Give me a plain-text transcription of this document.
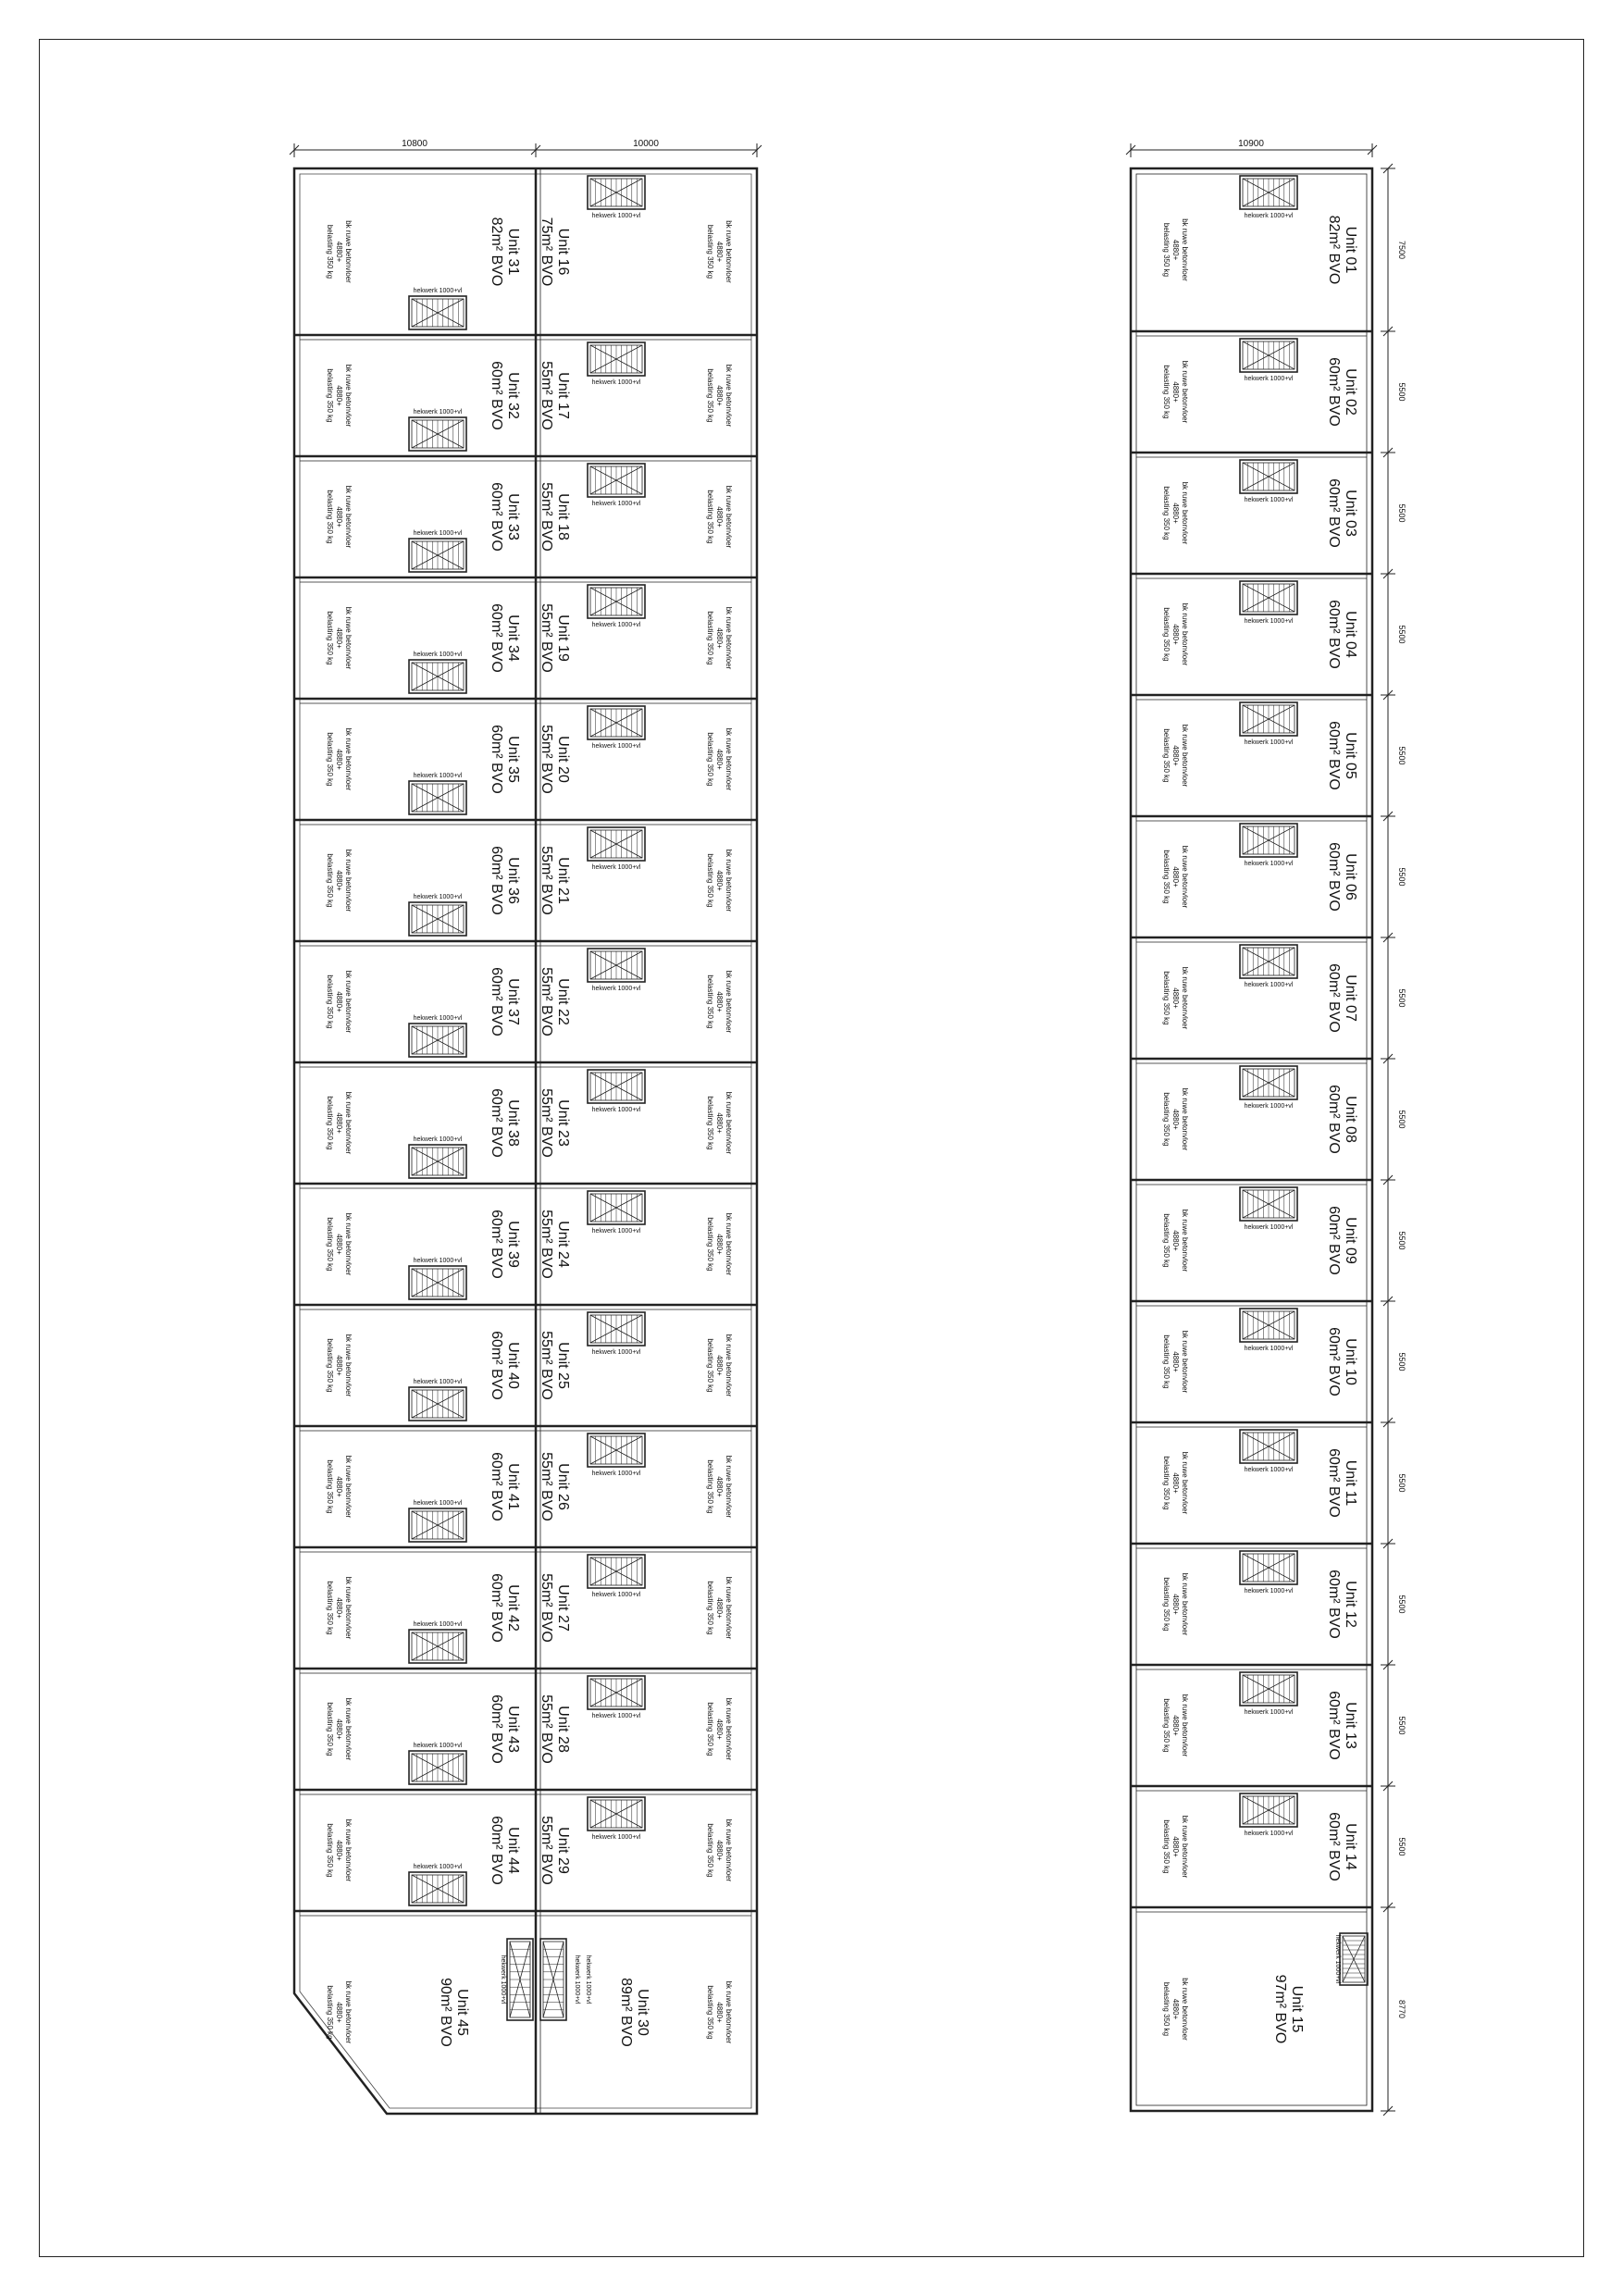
10800	10000
Unit 31
82m² BVO
bk ruwe betonvloer
4880+
belasting 350 kg
hekwerk 1000+vl
Unit 16
75m² BVO	bk ruwe betonvloer
4880+
belasting 350 kg
hekwerk 1000+vl
Unit 32
60m² BVO
bk ruwe betonvloer
4880+
belasting 350 kg	hekwerk 1000+vl	Unit 17
55m² BVO	bk ruwe betonvloer
4880+
belasting 350 kg
hekwerk 1000+vl
Unit 33
60m² BVO
bk ruwe betonvloer
4880+
belasting 350 kg	hekwerk 1000+vl	Unit 18
55m² BVO	bk ruwe betonvloer
4880+
belasting 350 kg
hekwerk 1000+vl
Unit 34
60m² BVO
bk ruwe betonvloer
4880+
belasting 350 kg	hekwerk 1000+vl	Unit 19
55m² BVO	bk ruwe betonvloer
4880+
belasting 350 kg
hekwerk 1000+vl
Unit 35
60m² BVO
bk ruwe betonvloer
4880+
belasting 350 kg	hekwerk 1000+vl	Unit 20
55m² BVO	bk ruwe betonvloer
4880+
belasting 350 kg
hekwerk 1000+vl
Unit 36
60m² BVO
bk ruwe betonvloer
4880+
belasting 350 kg	hekwerk 1000+vl	Unit 21
55m² BVO	bk ruwe betonvloer
4880+
belasting 350 kg
hekwerk 1000+vl
Unit 37
60m² BVO
bk ruwe betonvloer
4880+
belasting 350 kg	hekwerk 1000+vl	Unit 22
55m² BVO	bk ruwe betonvloer
4880+
belasting 350 kg
hekwerk 1000+vl
Unit 38
60m² BVO
bk ruwe betonvloer
4880+
belasting 350 kg	hekwerk 1000+vl	Unit 23
55m² BVO	bk ruwe betonvloer
4880+
belasting 350 kg
hekwerk 1000+vl
Unit 39
60m² BVO
bk ruwe betonvloer
4880+
belasting 350 kg	hekwerk 1000+vl	Unit 24
55m² BVO	bk ruwe betonvloer
4880+
belasting 350 kg
hekwerk 1000+vl
Unit 40
60m² BVO
bk ruwe betonvloer
4880+
belasting 350 kg	hekwerk 1000+vl	Unit 25
55m² BVO	bk ruwe betonvloer
4880+
belasting 350 kg
hekwerk 1000+vl
Unit 41
60m² BVO
bk ruwe betonvloer
4880+
belasting 350 kg	hekwerk 1000+vl	Unit 26
55m² BVO	bk ruwe betonvloer
4880+
belasting 350 kg
hekwerk 1000+vl
Unit 42
60m² BVO
bk ruwe betonvloer
4880+
belasting 350 kg	hekwerk 1000+vl	Unit 27
55m² BVO	bk ruwe betonvloer
4880+
belasting 350 kg
hekwerk 1000+vl
Unit 43
60m² BVO
bk ruwe betonvloer
4880+
belasting 350 kg	hekwerk 1000+vl	Unit 28
55m² BVO	bk ruwe betonvloer
4880+
belasting 350 kg
hekwerk 1000+vl
Unit 44
60m² BVO
bk ruwe betonvloer
4880+
belasting 350 kg	hekwerk 1000+vl	Unit 29
55m² BVO	bk ruwe betonvloer
4880+
belasting 350 kg
hekwerk 1000+vl
Unit 45
90m² BVO
bk ruwe betonvloer
4880+
belasting 350 kg
hekwerk 1000+vl
Unit 30
89m² BVO	bk ruwe betonvloer
4880+
belasting 350 kg
hekwerk 1000+vl hekwerk 1000+vl
10900
7500
5500
5500
5500
5500
5500
5500
5500
5500
5500
5500
5500
5500
5500
8770
Unit 01
82m² BVO
bk ruwe betonvloer
4880+
belasting 350 kg
hekwerk 1000+vl
Unit 02
60m² BVO
bk ruwe betonvloer
4880+
belasting 350 kg	hekwerk 1000+vl
Unit 03
60m² BVO
bk ruwe betonvloer
4880+
belasting 350 kg	hekwerk 1000+vl
Unit 04
60m² BVO
bk ruwe betonvloer
4880+
belasting 350 kg	hekwerk 1000+vl
Unit 05
60m² BVO
bk ruwe betonvloer
4880+
belasting 350 kg	hekwerk 1000+vl
Unit 06
60m² BVO
bk ruwe betonvloer
4880+
belasting 350 kg	hekwerk 1000+vl
Unit 07
60m² BVO
bk ruwe betonvloer
4880+
belasting 350 kg	hekwerk 1000+vl
Unit 08
60m² BVO
bk ruwe betonvloer
4880+
belasting 350 kg	hekwerk 1000+vl
Unit 09
60m² BVO
bk ruwe betonvloer
4880+
belasting 350 kg	hekwerk 1000+vl
Unit 10
60m² BVO
bk ruwe betonvloer
4880+
belasting 350 kg	hekwerk 1000+vl
Unit 11
60m² BVO
bk ruwe betonvloer
4880+
belasting 350 kg	hekwerk 1000+vl
Unit 12
60m² BVO
bk ruwe betonvloer
4880+
belasting 350 kg	hekwerk 1000+vl
Unit 13
60m² BVO
bk ruwe betonvloer
4880+
belasting 350 kg	hekwerk 1000+vl
Unit 14
60m² BVO
bk ruwe betonvloer
4880+
belasting 350 kg	hekwerk 1000+vl
Unit 15
97m² BVO
bk ruwe betonvloer
4880+
belasting 350 kg
hekwerk 1000+vl
